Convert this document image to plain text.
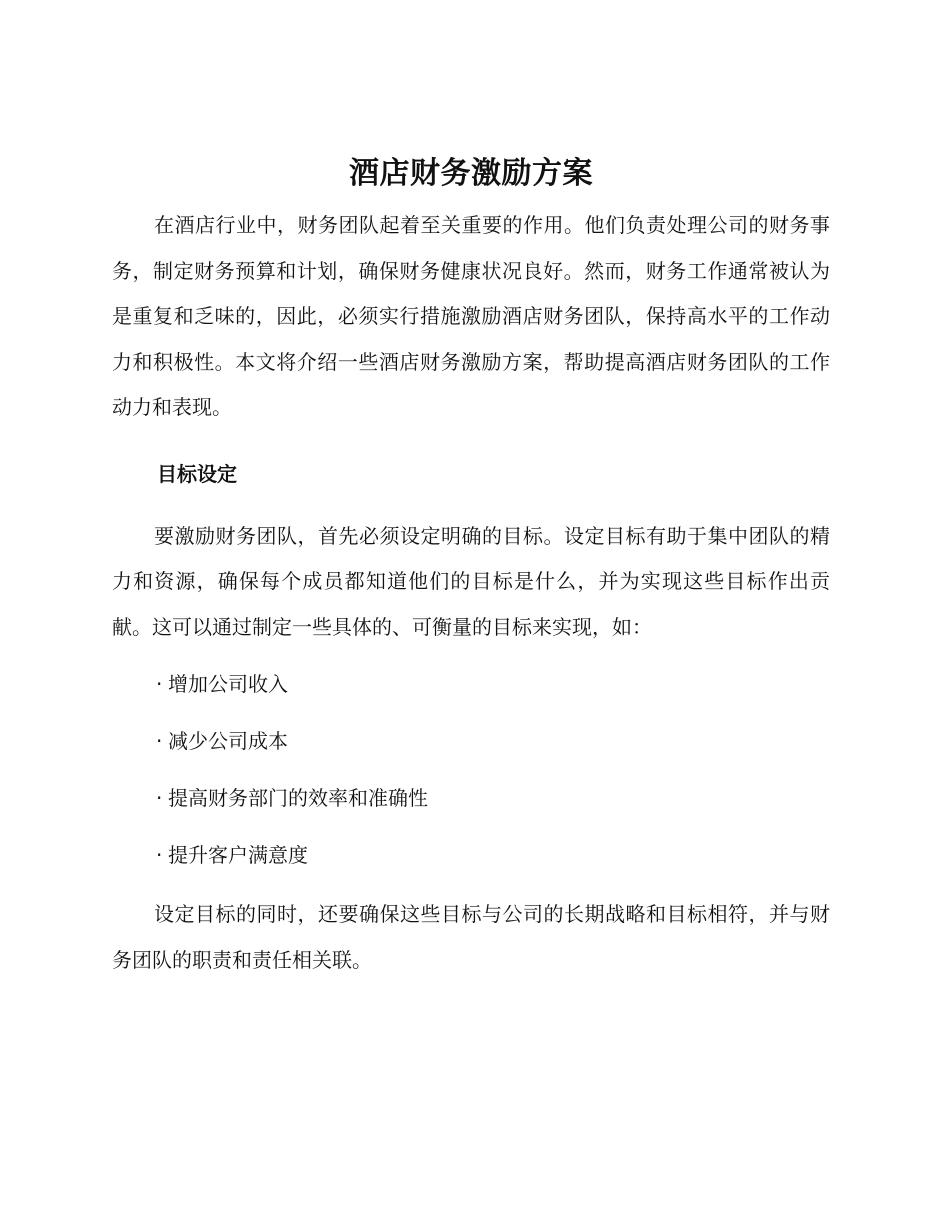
酒店财务激励方案

在酒店行业中，财务团队起着至关重要的作用。他们负责处理公司的财务事务，制定财务预算和计划，确保财务健康状况良好。然而，财务工作通常被认为是重复和乏味的，因此，必须实行措施激励酒店财务团队，保持高水平的工作动力和积极性。本文将介绍一些酒店财务激励方案，帮助提高酒店财务团队的工作动力和表现。

目标设定

要激励财务团队，首先必须设定明确的目标。设定目标有助于集中团队的精力和资源，确保每个成员都知道他们的目标是什么，并为实现这些目标作出贡献。这可以通过制定一些具体的、可衡量的目标来实现，如：

· 增加公司收入
· 减少公司成本
· 提高财务部门的效率和准确性
· 提升客户满意度

设定目标的同时，还要确保这些目标与公司的长期战略和目标相符，并与财务团队的职责和责任相关联。
